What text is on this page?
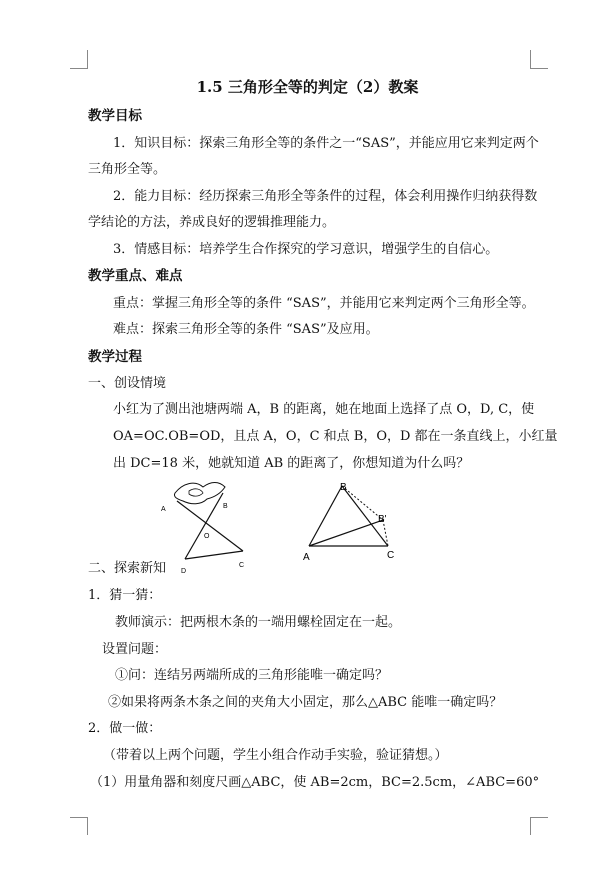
1.5 三角形全等的判定（2）教案
教学目标
1．知识目标：探索三角形全等的条件之一“SAS”，并能应用它来判定两个
三角形全等。
2．能力目标：经历探索三角形全等条件的过程，体会利用操作归纳获得数
学结论的方法，养成良好的逻辑推理能力。
3．情感目标：培养学生合作探究的学习意识，增强学生的自信心。
教学重点、难点
重点：掌握三角形全等的条件 “SAS”，并能用它来判定两个三角形全等。
难点：探索三角形全等的条件 “SAS”及应用。
教学过程
一、创设情境
小红为了测出池塘两端 A，B 的距离，她在地面上选择了点 O，D, C，使
OA=OC.OB=OD，且点 A，O，C 和点 B，O，D 都在一条直线上，小红量
出 DC=18 米，她就知道 AB 的距离了，你想知道为什么吗？
A	B
O
D
C
B
B'
A	C
二、探索新知
1．猜一猜：
教师演示：把两根木条的一端用螺栓固定在一起。
设置问题：
①问：连结另两端所成的三角形能唯一确定吗？
②如果将两条木条之间的夹角大小固定，那么△ABC 能唯一确定吗？
2．做一做：
（带着以上两个问题，学生小组合作动手实验，验证猜想。）
（1）用量角器和刻度尺画△ABC，使 AB=2cm，BC=2.5cm，∠ABC=60°
